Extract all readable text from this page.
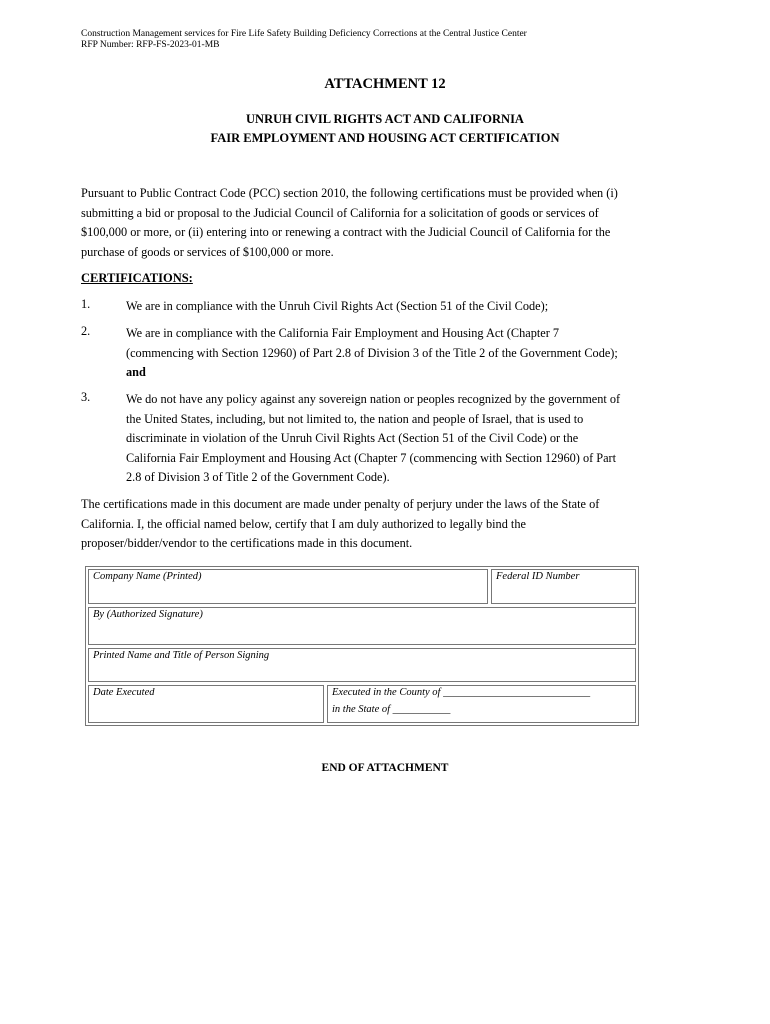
Construction Management services for Fire Life Safety Building Deficiency Corrections at the Central Justice Center
RFP Number: RFP-FS-2023-01-MB
ATTACHMENT 12
UNRUH CIVIL RIGHTS ACT AND CALIFORNIA
FAIR EMPLOYMENT AND HOUSING ACT CERTIFICATION
Pursuant to Public Contract Code (PCC) section 2010, the following certifications must be provided when (i)
submitting a bid or proposal to the Judicial Council of California for a solicitation of goods or services of
$100,000 or more, or (ii) entering into or renewing a contract with the Judicial Council of California for the
purchase of goods or services of $100,000 or more.
CERTIFICATIONS:
1.	We are in compliance with the Unruh Civil Rights Act (Section 51 of the Civil Code);
2.	We are in compliance with the California Fair Employment and Housing Act (Chapter 7
(commencing with Section 12960) of Part 2.8 of Division 3 of the Title 2 of the Government Code);
and
3.	We do not have any policy against any sovereign nation or peoples recognized by the government of
the United States, including, but not limited to, the nation and people of Israel, that is used to
discriminate in violation of the Unruh Civil Rights Act (Section 51 of the Civil Code) or the
California Fair Employment and Housing Act (Chapter 7 (commencing with Section 12960) of Part
2.8 of Division 3 of Title 2 of the Government Code).
The certifications made in this document are made under penalty of perjury under the laws of the State of
California. I, the official named below, certify that I am duly authorized to legally bind the
proposer/bidder/vendor to the certifications made in this document.
Company Name (Printed)	Federal ID Number
By (Authorized Signature)
Printed Name and Title of Person Signing
Date Executed	Executed in the County of ____________________________
in the State of ___________
END OF ATTACHMENT
